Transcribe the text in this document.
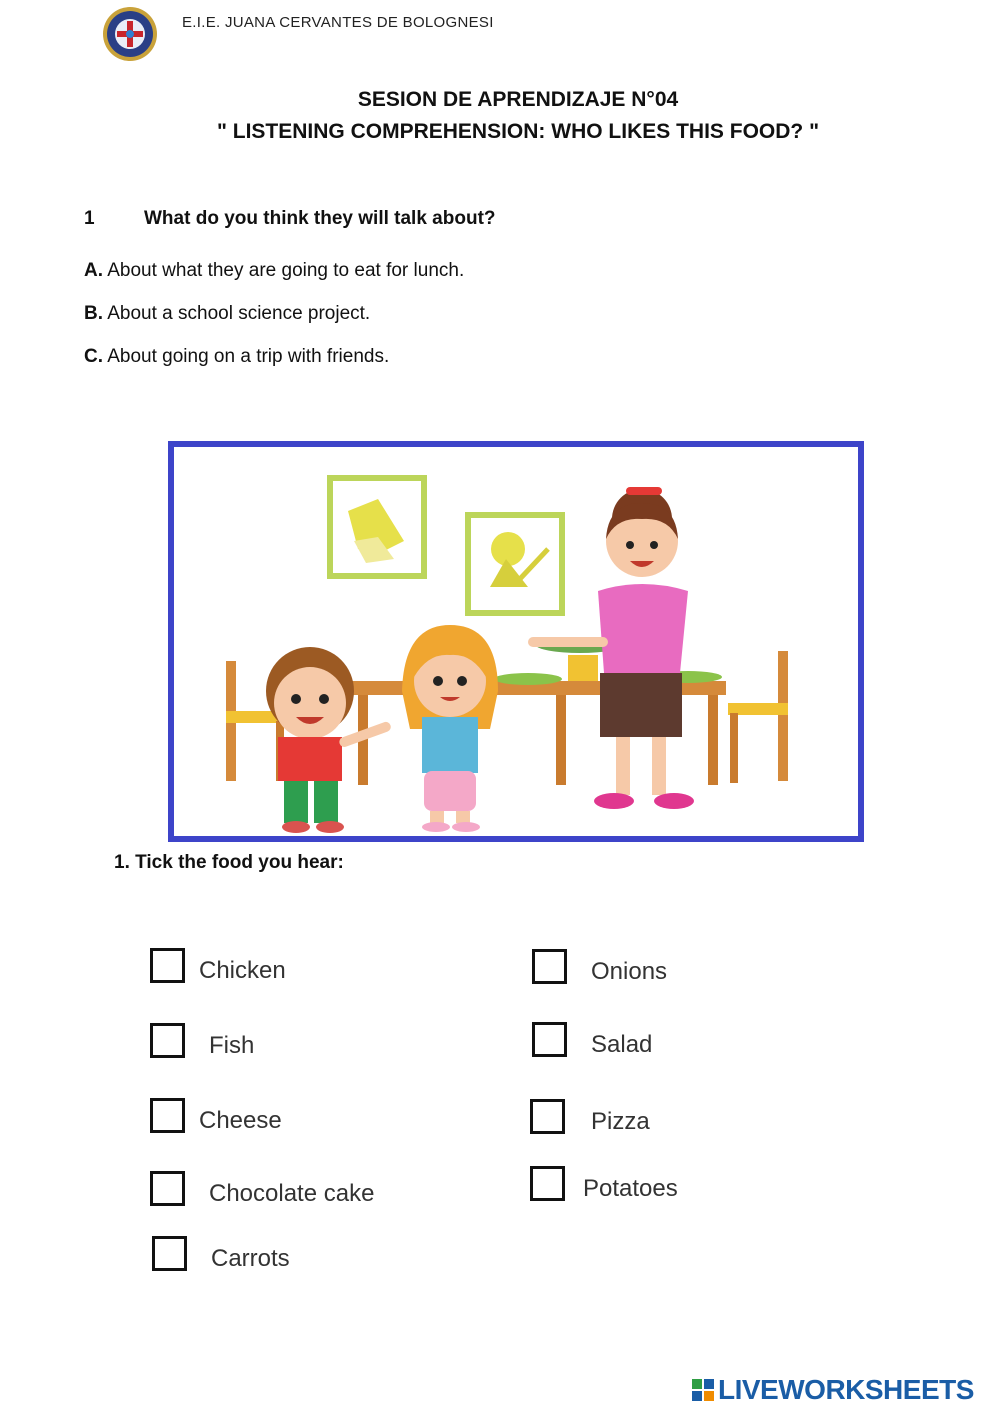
E.I.E. JUANA CERVANTES DE BOLOGNESI
SESION DE APRENDIZAJE N°04
" LISTENING COMPREHENSION: WHO LIKES THIS FOOD? "
1	What do you think they will talk about?
A. About what they are going to eat for lunch.
B. About a school science project.
C. About going on a trip with friends.
1. Tick the food you hear:
Chicken
Fish
Cheese
Chocolate cake
Carrots
Onions
Salad
Pizza
Potatoes
LIVEWORKSHEETS
